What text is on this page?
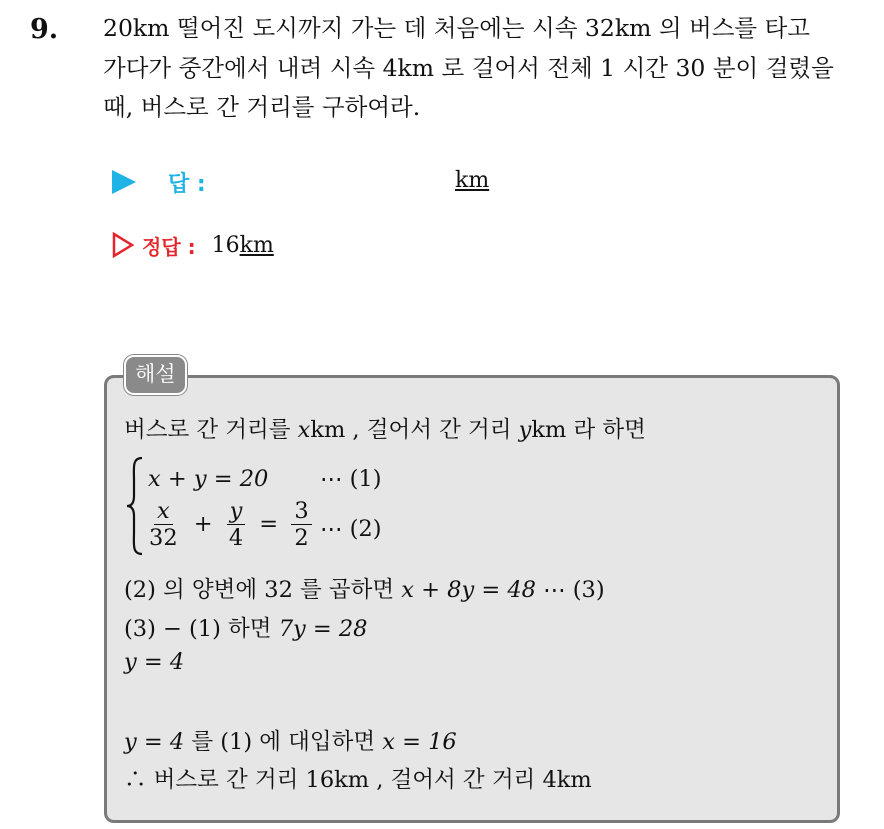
9. 20km 떨어진 도시까지 가는 데 처음에는 시속 32km 의 버스를 타고
가다가 중간에서 내려 시속 4km 로 걸어서 전체 1 시간 30 분이 걸렸을
때, 버스로 간 거리를 구하여라.
답 :	km
정답 : 16km
해설
버스로 간 거리를 xkm , 걸어서 간 거리 ykm 라 하면
x + y = 20 ⋯ (1)
$\frac{x}{32} + \frac{y}{4} = \frac{3}{2}$ ⋯ (2)
(2) 의 양변에 32 를 곱하면 x + 8y = 48 ⋯ (3)
(3) − (1) 하면 7y = 28
y = 4
y = 4 를 (1) 에 대입하면 x = 16
∴ 버스로 간 거리 16km , 걸어서 간 거리 4km
